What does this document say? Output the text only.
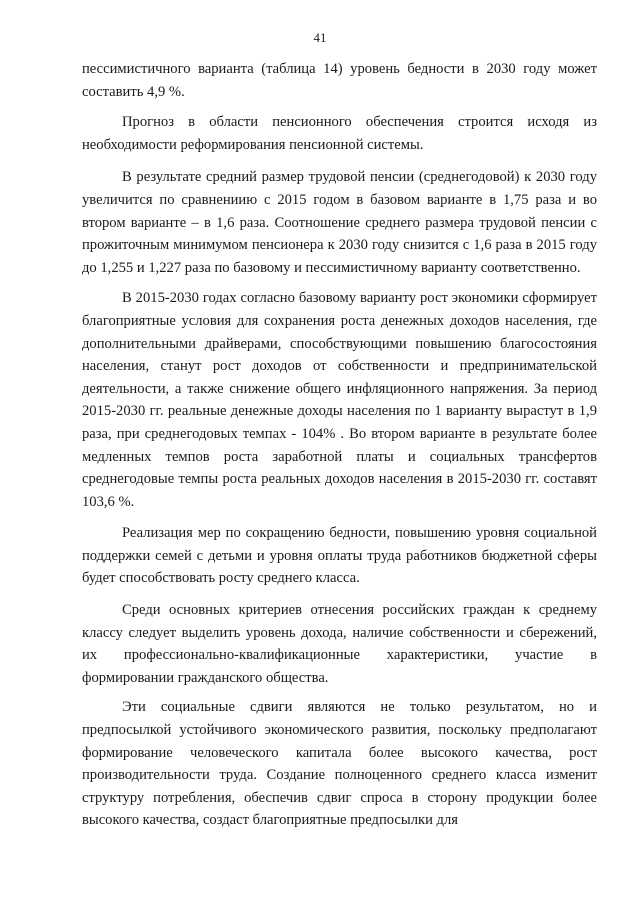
41

пессимистичного варианта (таблица 14) уровень бедности в 2030 году может составить 4,9 %.

Прогноз в области пенсионного обеспечения строится исходя из необходимости реформирования пенсионной системы.

В результате средний размер трудовой пенсии (среднегодовой) к 2030 году увеличится по сравнениию с 2015 годом в базовом варианте в 1,75 раза и во втором варианте – в 1,6 раза. Соотношение среднего размера трудовой пенсии с прожиточным минимумом пенсионера к 2030 году снизится с 1,6 раза в 2015 году до 1,255 и 1,227 раза по базовому и пессимистичному варианту соответственно.

В 2015-2030 годах согласно базовому варианту рост экономики сформирует благоприятные условия для сохранения роста денежных доходов населения, где дополнительными драйверами, способствующими повышению благосостояния населения, станут рост доходов от собственности и предпринимательской деятельности, а также снижение общего инфляционного напряжения. За период 2015-2030 гг. реальные денежные доходы населения по 1 варианту вырастут в 1,9 раза, при среднегодовых темпах - 104% . Во втором варианте в результате более медленных темпов роста заработной платы и социальных трансфертов среднегодовые темпы роста реальных доходов населения в 2015-2030 гг. составят 103,6 %.

Реализация мер по сокращению бедности, повышению уровня социальной поддержки семей с детьми и уровня оплаты труда работников бюджетной сферы будет способствовать росту среднего класса.

Среди основных критериев отнесения российских граждан к среднему классу следует выделить уровень дохода, наличие собственности и сбережений, их профессионально-квалификационные характеристики, участие в формировании гражданского общества.

Эти социальные сдвиги являются не только результатом, но и предпосылкой устойчивого экономического развития, поскольку предполагают формирование человеческого капитала более высокого качества, рост производительности труда. Создание полноценного среднего класса изменит структуру потребления, обеспечив сдвиг спроса в сторону продукции более высокого качества, создаст благоприятные предпосылки для
